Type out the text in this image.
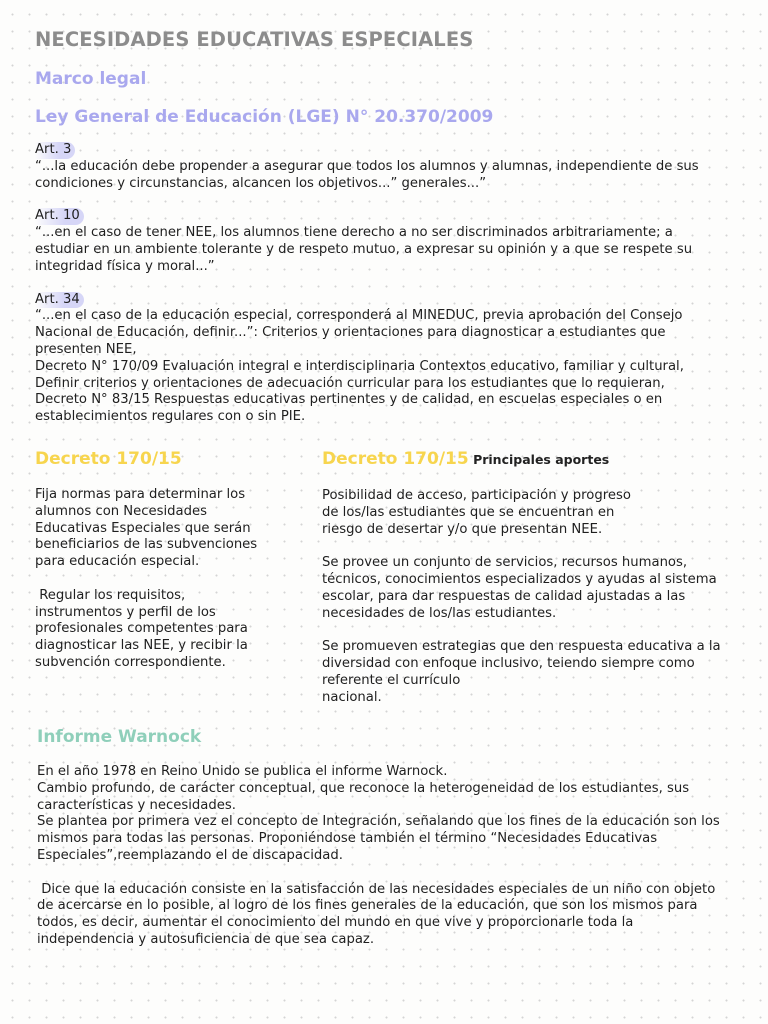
NECESIDADES EDUCATIVAS ESPECIALES
Marco legal
Ley General de Educación (LGE) N° 20.370/2009

Art. 3

“...la educación debe propender a asegurar que todos los alumnos y alumnas, independiente de sus

condiciones y circunstancias, alcancen los objetivos...” generales...”

Art. 10

“...en el caso de tener NEE, los alumnos tiene derecho a no ser discriminados arbitrariamente; a

estudiar en un ambiente tolerante y de respeto mutuo, a expresar su opinión y a que se respete su

integridad física y moral...”

Art. 34

“...en el caso de la educación especial, corresponderá al MINEDUC, previa aprobación del Consejo

Nacional de Educación, definir...”: Criterios y orientaciones para diagnosticar a estudiantes que

presenten NEE,

Decreto N° 170/09 Evaluación integral e interdisciplinaria Contextos educativo, familiar y cultural,

Definir criterios y orientaciones de adecuación curricular para los estudiantes que lo requieran,

Decreto N° 83/15 Respuestas educativas pertinentes y de calidad, en escuelas especiales o en

establecimientos regulares con o sin PIE.

Decreto 170/15

Fija normas para determinar los

alumnos con Necesidades

Educativas Especiales que serán

beneficiarios de las subvenciones

para educación especial.

Regular los requisitos,

instrumentos y perfil de los

profesionales competentes para

diagnosticar las NEE, y recibir la

subvención correspondiente.

Decreto 170/15 Principales aportes

Posibilidad de acceso, participación y progreso

de los/las estudiantes que se encuentran en

riesgo de desertar y/o que presentan NEE.

Se provee un conjunto de servicios, recursos humanos,

técnicos, conocimientos especializados y ayudas al sistema

escolar, para dar respuestas de calidad ajustadas a las

necesidades de los/las estudiantes.

Se promueven estrategias que den respuesta educativa a la

diversidad con enfoque inclusivo, teiendo siempre como

referente el currículo

nacional.

Informe Warnock

En el año 1978 en Reino Unido se publica el informe Warnock.

Cambio profundo, de carácter conceptual, que reconoce la heterogeneidad de los estudiantes, sus

características y necesidades.

Se plantea por primera vez el concepto de Integración, señalando que los fines de la educación son los

mismos para todas las personas. Proponiéndose también el término “Necesidades Educativas

Especiales”,reemplazando el de discapacidad.

Dice que la educación consiste en la satisfacción de las necesidades especiales de un niño con objeto

de acercarse en lo posible, al logro de los fines generales de la educación, que son los mismos para

todos, es decir, aumentar el conocimiento del mundo en que vive y proporcionarle toda la

independencia y autosuficiencia de que sea capaz.
